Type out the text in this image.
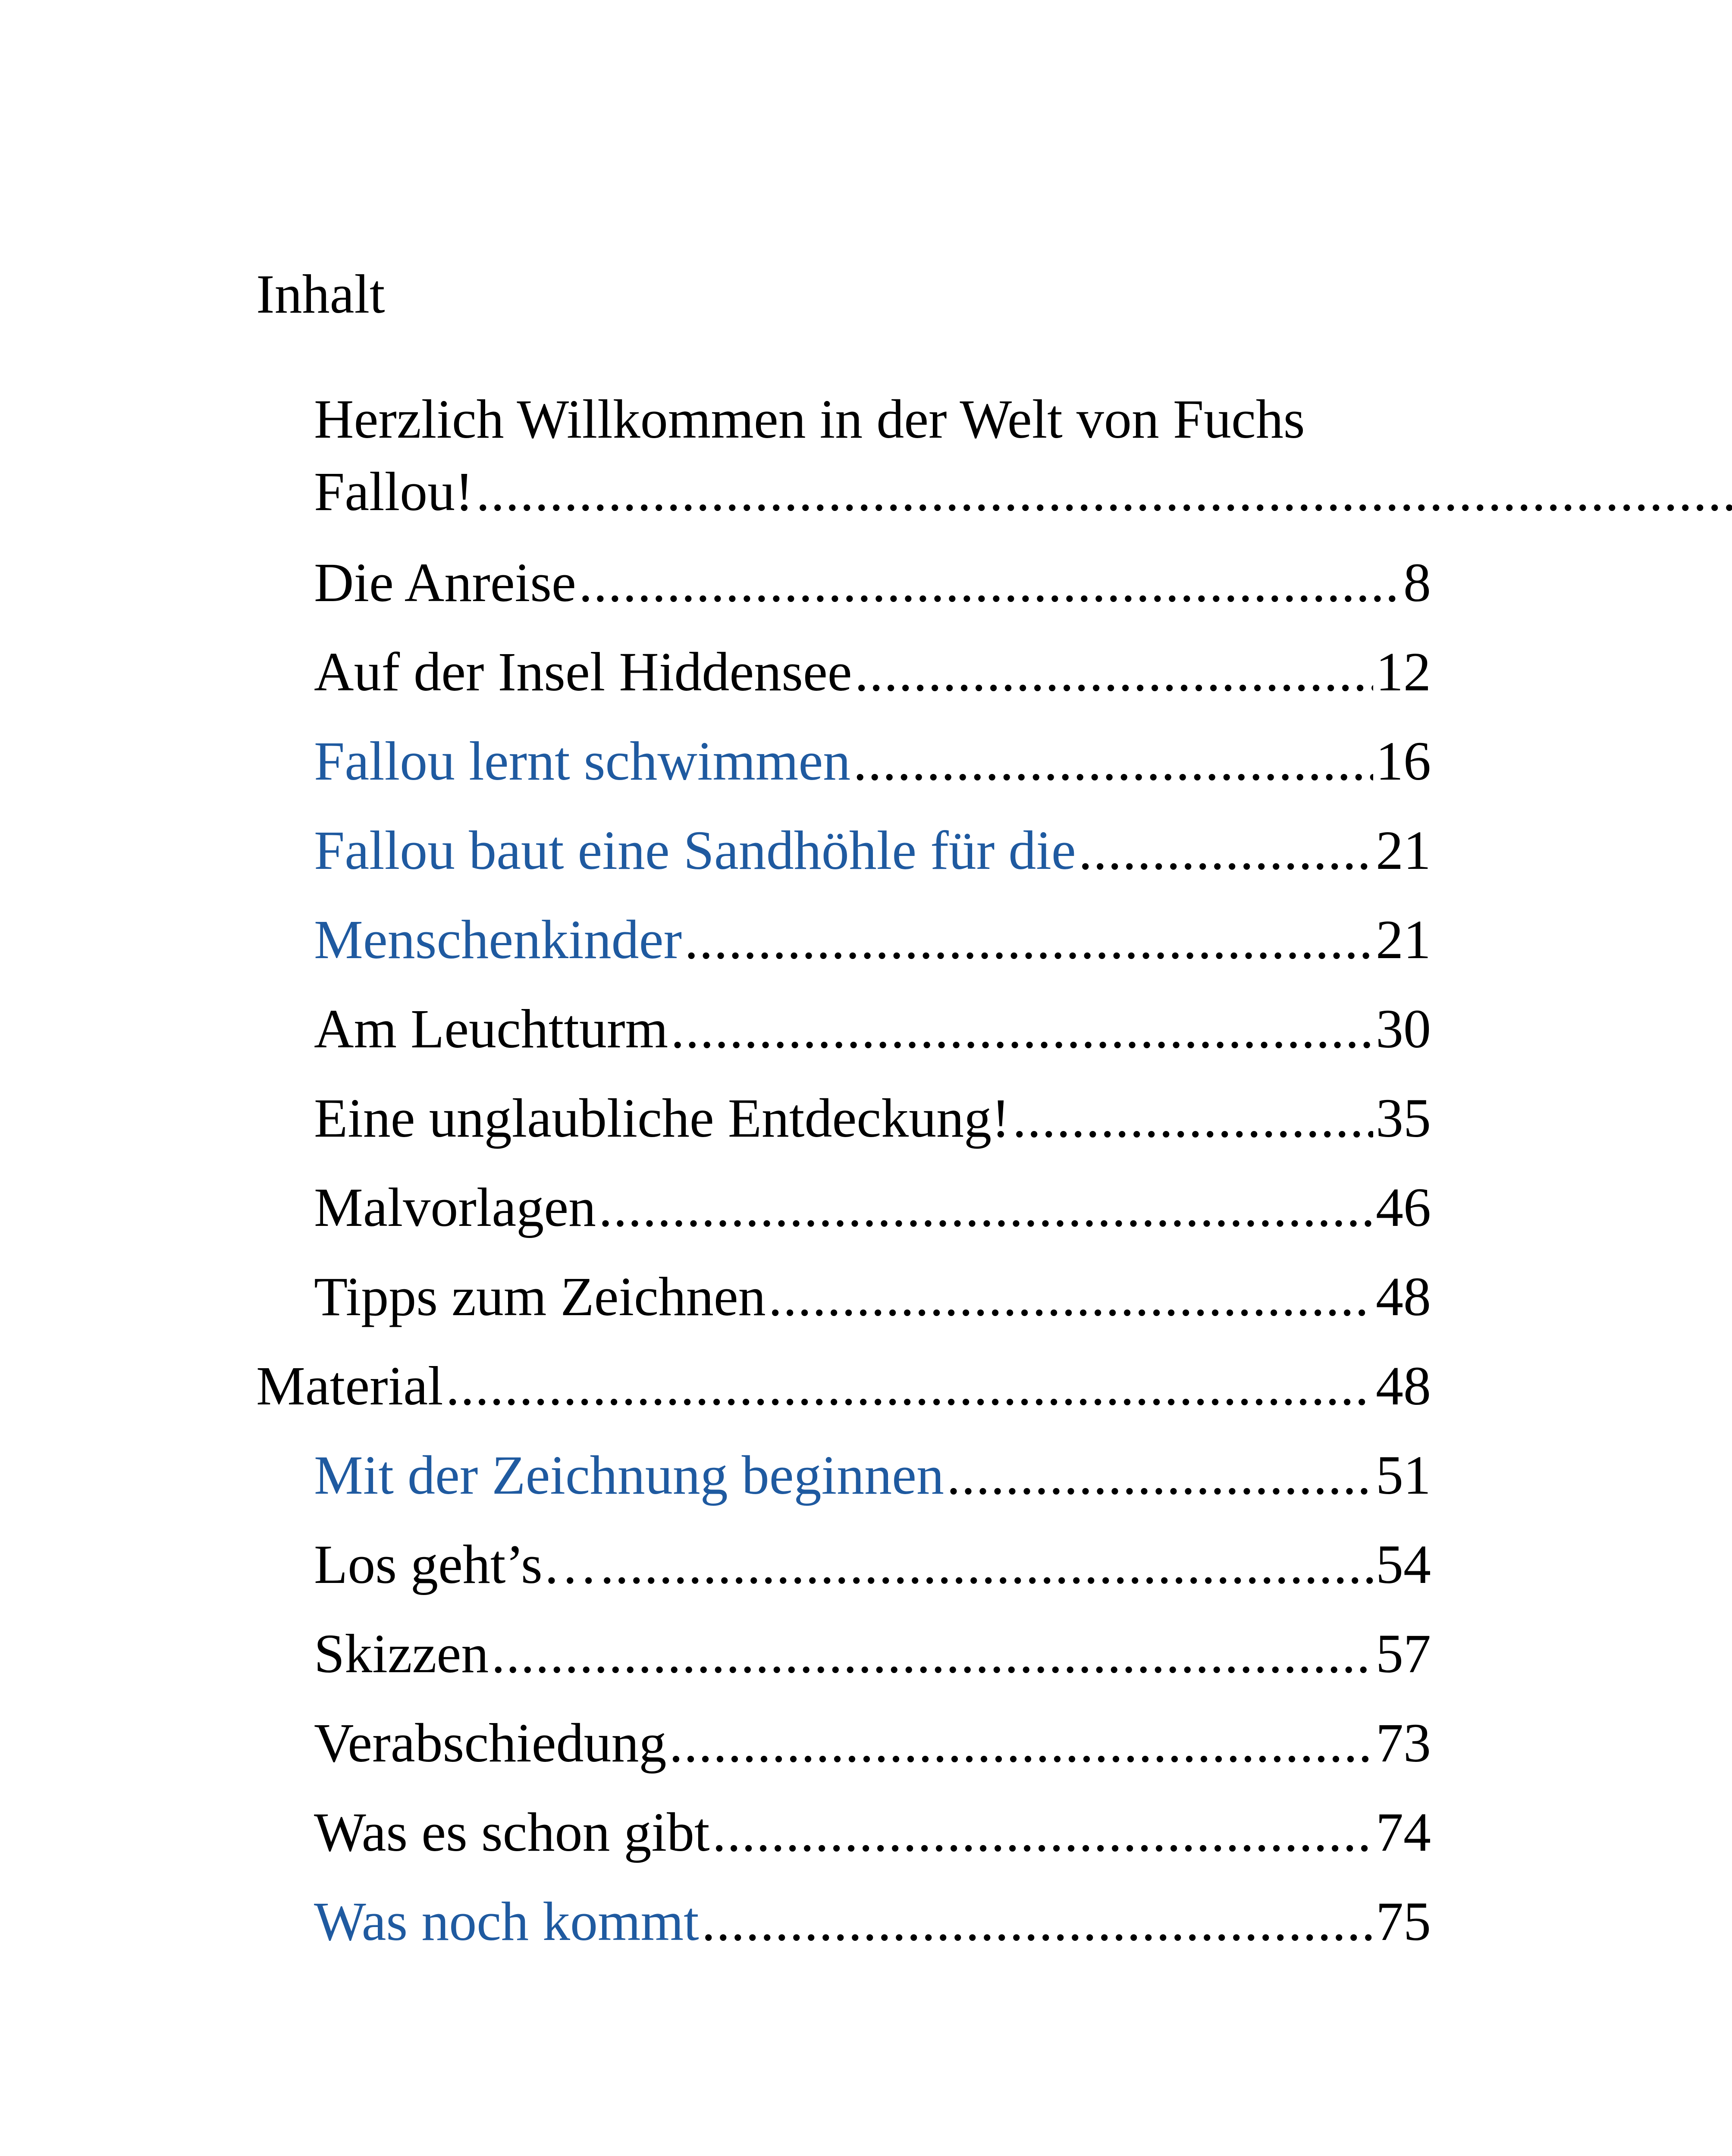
Inhalt
Herzlich Willkommen in der Welt von Fuchs
Fallou!
.....
Die Anreise .....	8
Auf der Insel Hiddensee .....	12
Fallou lernt schwimmen .....	16
Fallou baut eine Sandhöhle für die .....	21
Menschenkinder .....	21
Am Leuchtturm .....	30
Eine unglaubliche Entdeckung! .....	35
Malvorlagen .....	46
Tipps zum Zeichnen .....	48
Material .....	48
Mit der Zeichnung beginnen .....	51
Los geht’s… .....	54
Skizzen .....	57
Verabschiedung .....	73
Was es schon gibt .....	74
Was noch kommt .....	75
